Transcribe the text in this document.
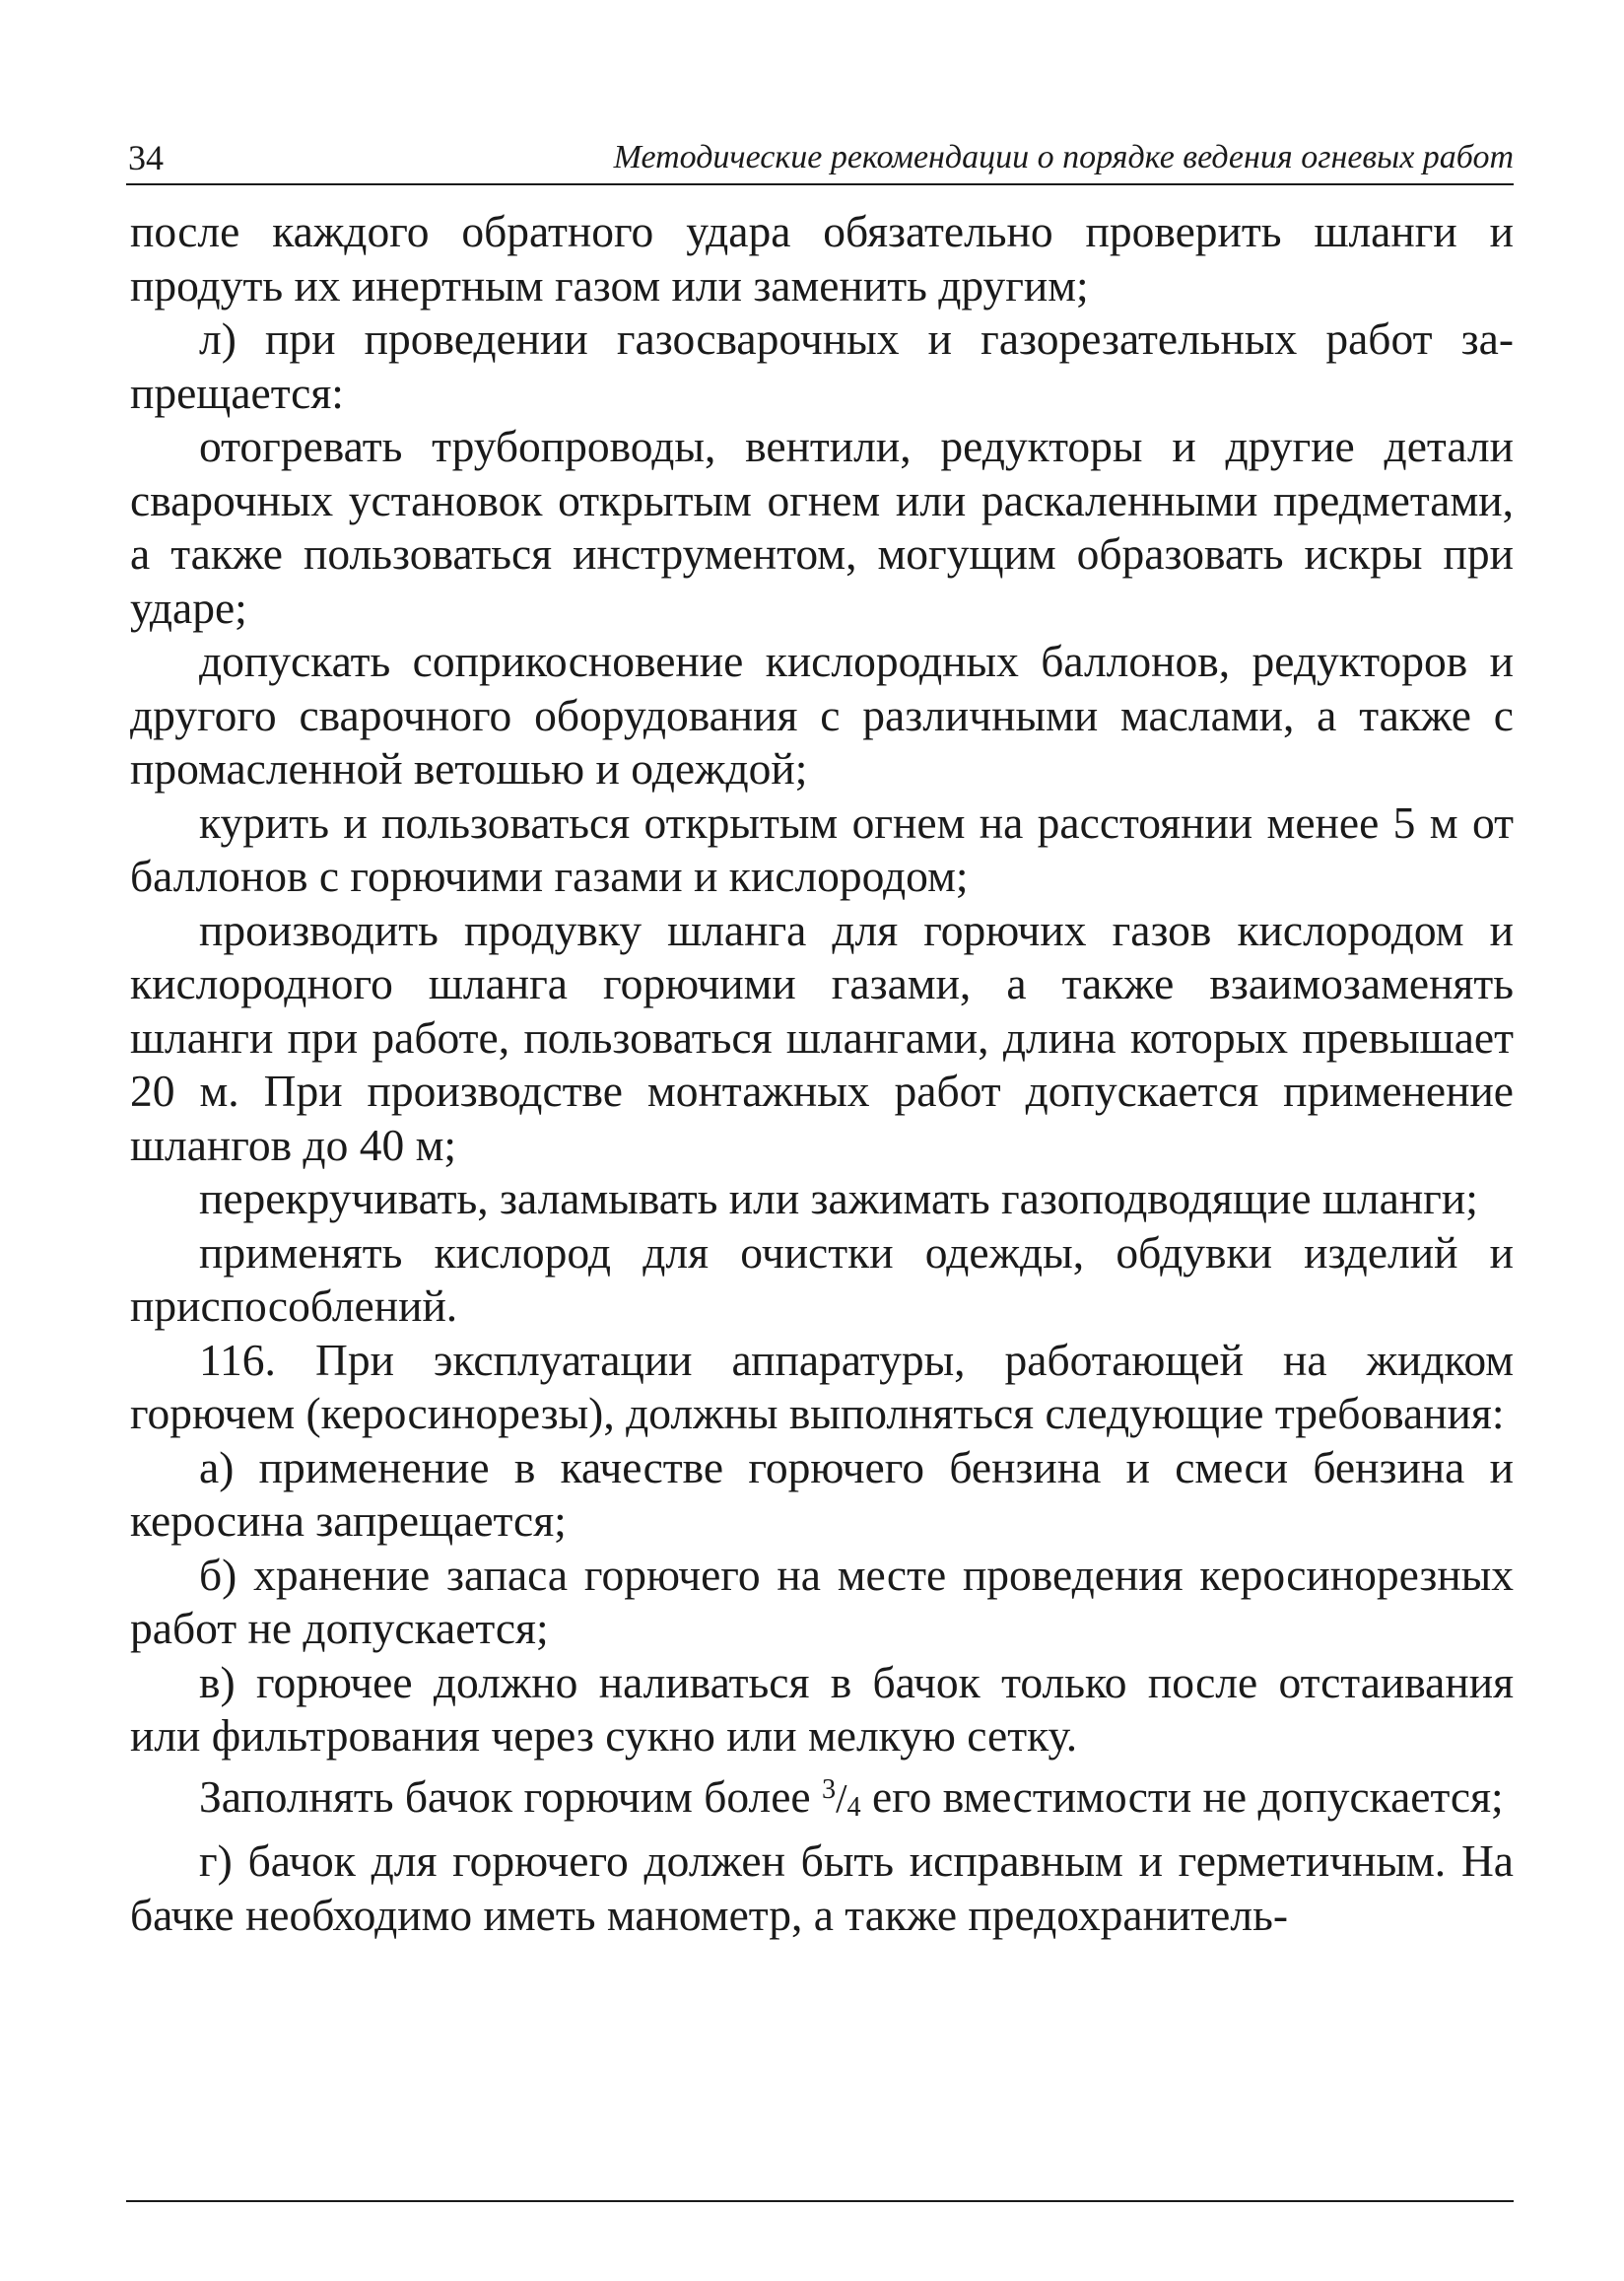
34	Методические рекомендации о порядке ведения огневых работ

после каждого обратного удара обязательно проверить шланги и продуть их инертным газом или заменить другим;

л) при проведении газосварочных и газорезательных работ запрещается:

отогревать трубопроводы, вентили, редукторы и другие детали сварочных установок открытым огнем или раскаленными предметами, а также пользоваться инструментом, могущим образовать искры при ударе;

допускать соприкосновение кислородных баллонов, редукторов и другого сварочного оборудования с различными маслами, а также с промасленной ветошью и одеждой;

курить и пользоваться открытым огнем на расстоянии менее 5 м от баллонов с горючими газами и кислородом;

производить продувку шланга для горючих газов кислородом и кислородного шланга горючими газами, а также взаимозаменять шланги при работе, пользоваться шлангами, длина которых превышает 20 м. При производстве монтажных работ допускается применение шлангов до 40 м;

перекручивать, заламывать или зажимать газоподводящие шланги;

применять кислород для очистки одежды, обдувки изделий и приспособлений.

116. При эксплуатации аппаратуры, работающей на жидком горючем (керосинорезы), должны выполняться следующие требования:

а) применение в качестве горючего бензина и смеси бензина и керосина запрещается;

б) хранение запаса горючего на месте проведения керосинорезных работ не допускается;

в) горючее должно наливаться в бачок только после отстаивания или фильтрования через сукно или мелкую сетку.

Заполнять бачок горючим более 3/4 его вместимости не допускается;

г) бачок для горючего должен быть исправным и герметичным. На бачке необходимо иметь манометр, а также предохранитель-
